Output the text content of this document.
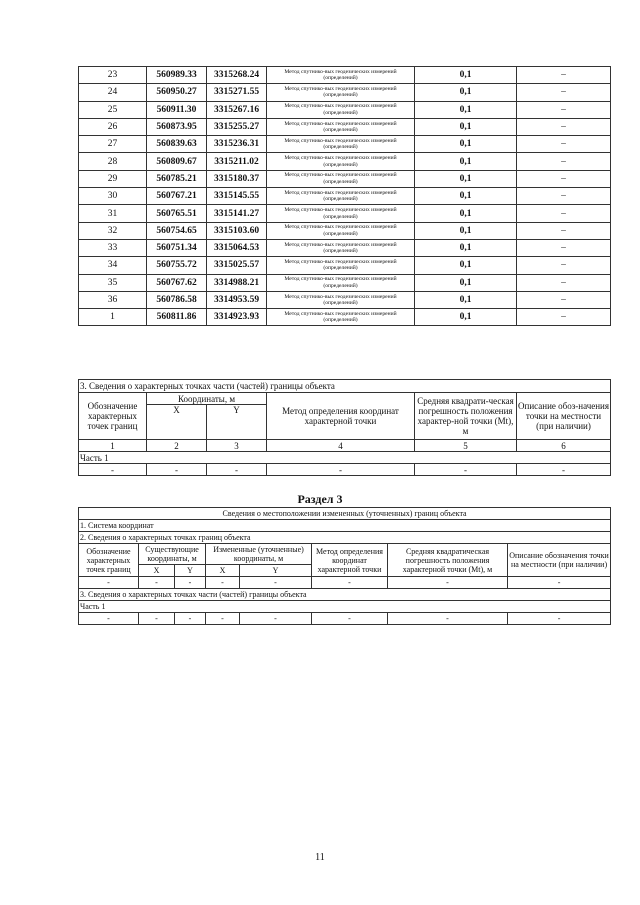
23	560989.33	3315268.24	Метод спутнико-вых геодезических измерений (определений)	0,1	–
24	560950.27	3315271.55	Метод спутнико-вых геодезических измерений (определений)	0,1	–
25	560911.30	3315267.16	Метод спутнико-вых геодезических измерений (определений)	0,1	–
26	560873.95	3315255.27	Метод спутнико-вых геодезических измерений (определений)	0,1	–
27	560839.63	3315236.31	Метод спутнико-вых геодезических измерений (определений)	0,1	–
28	560809.67	3315211.02	Метод спутнико-вых геодезических измерений (определений)	0,1	–
29	560785.21	3315180.37	Метод спутнико-вых геодезических измерений (определений)	0,1	–
30	560767.21	3315145.55	Метод спутнико-вых геодезических измерений (определений)	0,1	–
31	560765.51	3315141.27	Метод спутнико-вых геодезических измерений (определений)	0,1	–
32	560754.65	3315103.60	Метод спутнико-вых геодезических измерений (определений)	0,1	–
33	560751.34	3315064.53	Метод спутнико-вых геодезических измерений (определений)	0,1	–
34	560755.72	3315025.57	Метод спутнико-вых геодезических измерений (определений)	0,1	–
35	560767.62	3314988.21	Метод спутнико-вых геодезических измерений (определений)	0,1	–
36	560786.58	3314953.59	Метод спутнико-вых геодезических измерений (определений)	0,1	–
1	560811.86	3314923.93	Метод спутнико-вых геодезических измерений (определений)	0,1	–
3. Сведения о характерных точках части (частей) границы объекта					
Обозначение характерных точек границ	Координаты, м		Метод определения координат характерной точки	Средняя квадрати-ческая погрешность положения характер-ной точки (Мt), м	Описание обоз-начения точки на местности (при наличии)
	X	Y			
1	2	3	4	5	6
Часть 1					
-	-	-	-	-	-
Раздел 3
Сведения о местоположении измененных (уточненных) границ объекта							
1. Система координат							
2. Сведения о характерных точках границ объекта							
Обозначение характерных точек границ	Существующие координаты, м		Измененные (уточненные) координаты, м		Метод определения координат характерной точки	Средняя квадратическая погрешность положения характерной точки (Мt), м	Описание обозначения точки на местности (при наличии)
	X	Y	X	Y			
-	-	-	-	-	-	-	-
3. Сведения о характерных точках части (частей) границы объекта							
Часть 1							
-	-	-	-	-	-	-	-
11
